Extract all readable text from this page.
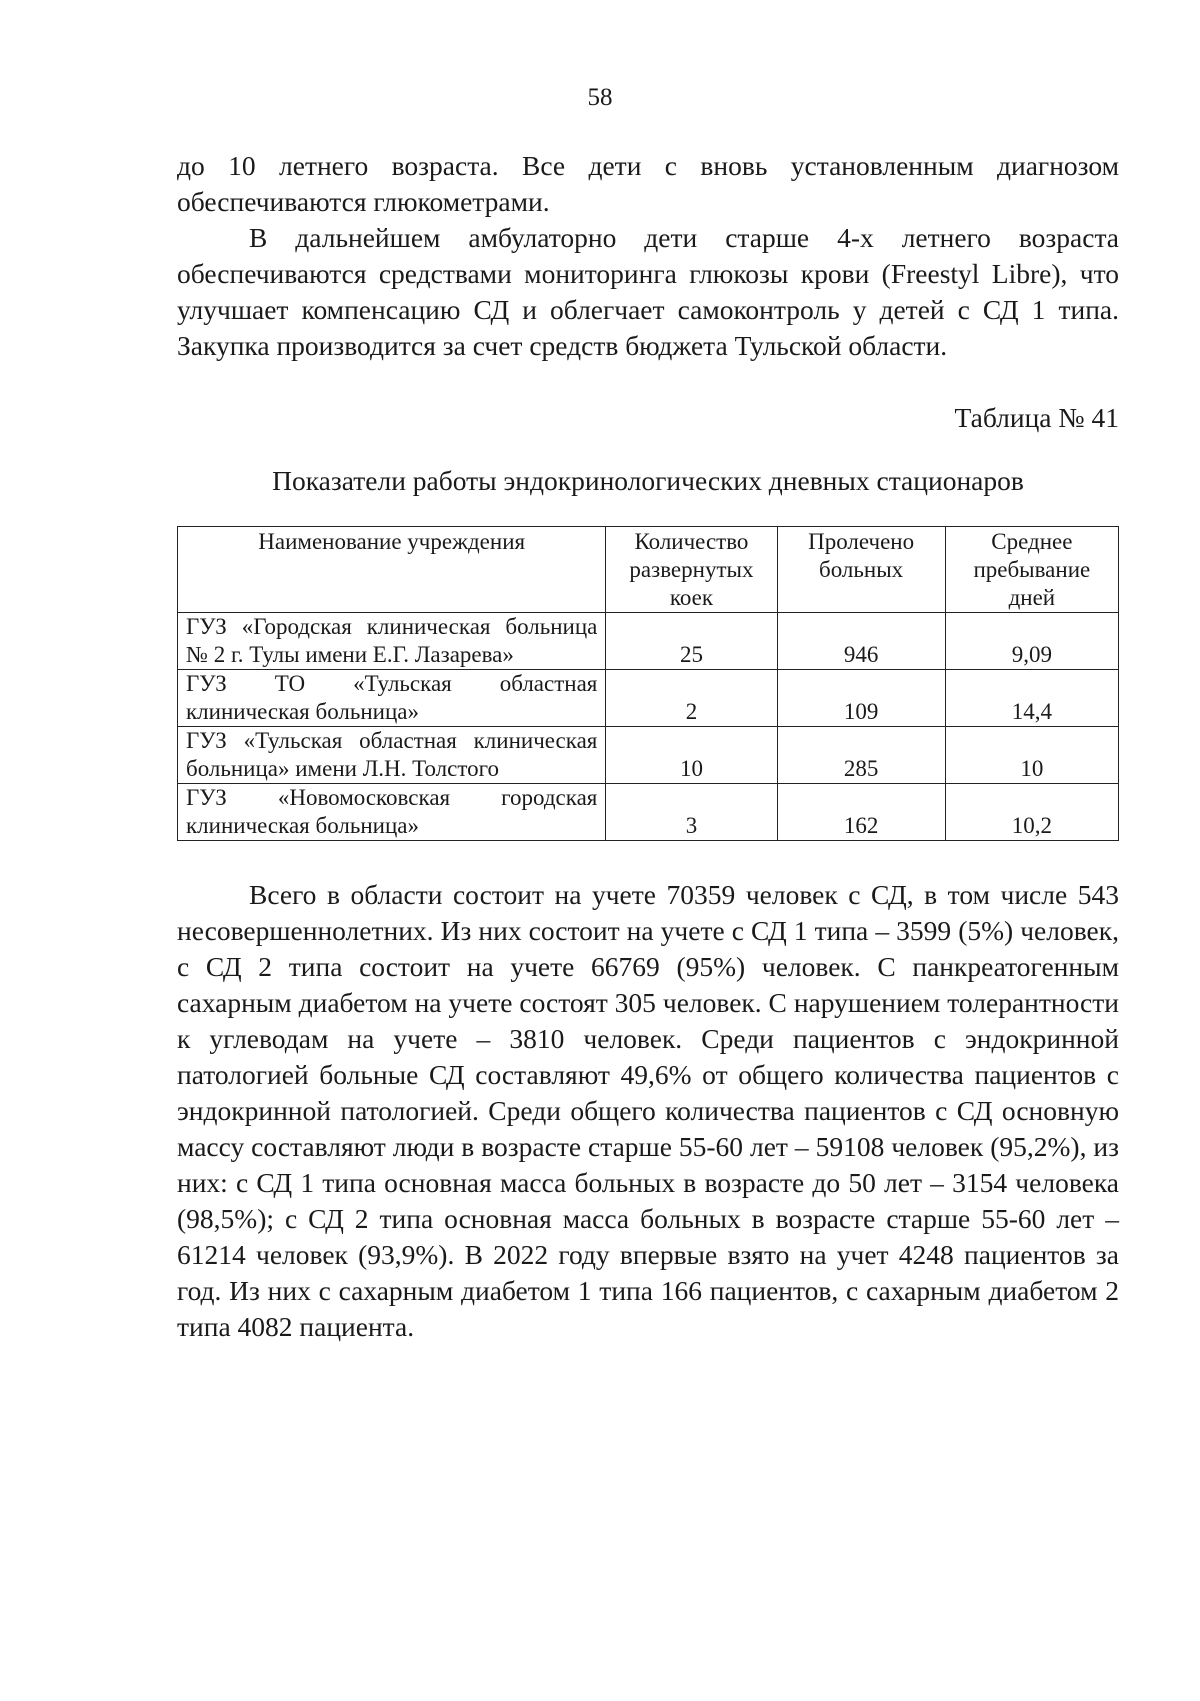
58

до 10 летнего возраста. Все дети с вновь установленным диагнозом обеспечиваются глюкометрами.

В дальнейшем амбулаторно дети старше 4-х летнего возраста обеспечиваются средствами мониторинга глюкозы крови (Freestyl Libre), что улучшает компенсацию СД и облегчает самоконтроль у детей с СД 1 типа. Закупка производится за счет средств бюджета Тульской области.

Таблица № 41
Показатели работы эндокринологических дневных стационаров
Наименование учреждения	Количество развернутых коек	Пролечено больных	Среднее пребывание дней
ГУЗ «Городская клиническая больница № 2 г. Тулы имени Е.Г. Лазарева»	25	946	9,09
ГУЗ ТО «Тульская областная клиническая больница»	2	109	14,4
ГУЗ «Тульская областная клиническая больница» имени Л.Н. Толстого	10	285	10
ГУЗ «Новомосковская городская клиническая больница»	3	162	10,2

Всего в области состоит на учете 70359 человек с СД, в том числе 543 несовершеннолетних. Из них состоит на учете с СД 1 типа – 3599 (5%) человек, с СД 2 типа состоит на учете 66769 (95%) человек. С панкреатогенным сахарным диабетом на учете состоят 305 человек. С нарушением толерантности к углеводам на учете – 3810 человек. Среди пациентов с эндокринной патологией больные СД составляют 49,6% от общего количества пациентов с эндокринной патологией. Среди общего количества пациентов с СД основную массу составляют люди в возрасте старше 55-60 лет – 59108 человек (95,2%), из них: с СД 1 типа основная масса больных в возрасте до 50 лет – 3154 человека (98,5%); с СД 2 типа основная масса больных в возрасте старше 55-60 лет – 61214 человек (93,9%). В 2022 году впервые взято на учет 4248 пациентов за год. Из них с сахарным диабетом 1 типа 166 пациентов, с сахарным диабетом 2 типа 4082 пациента.
